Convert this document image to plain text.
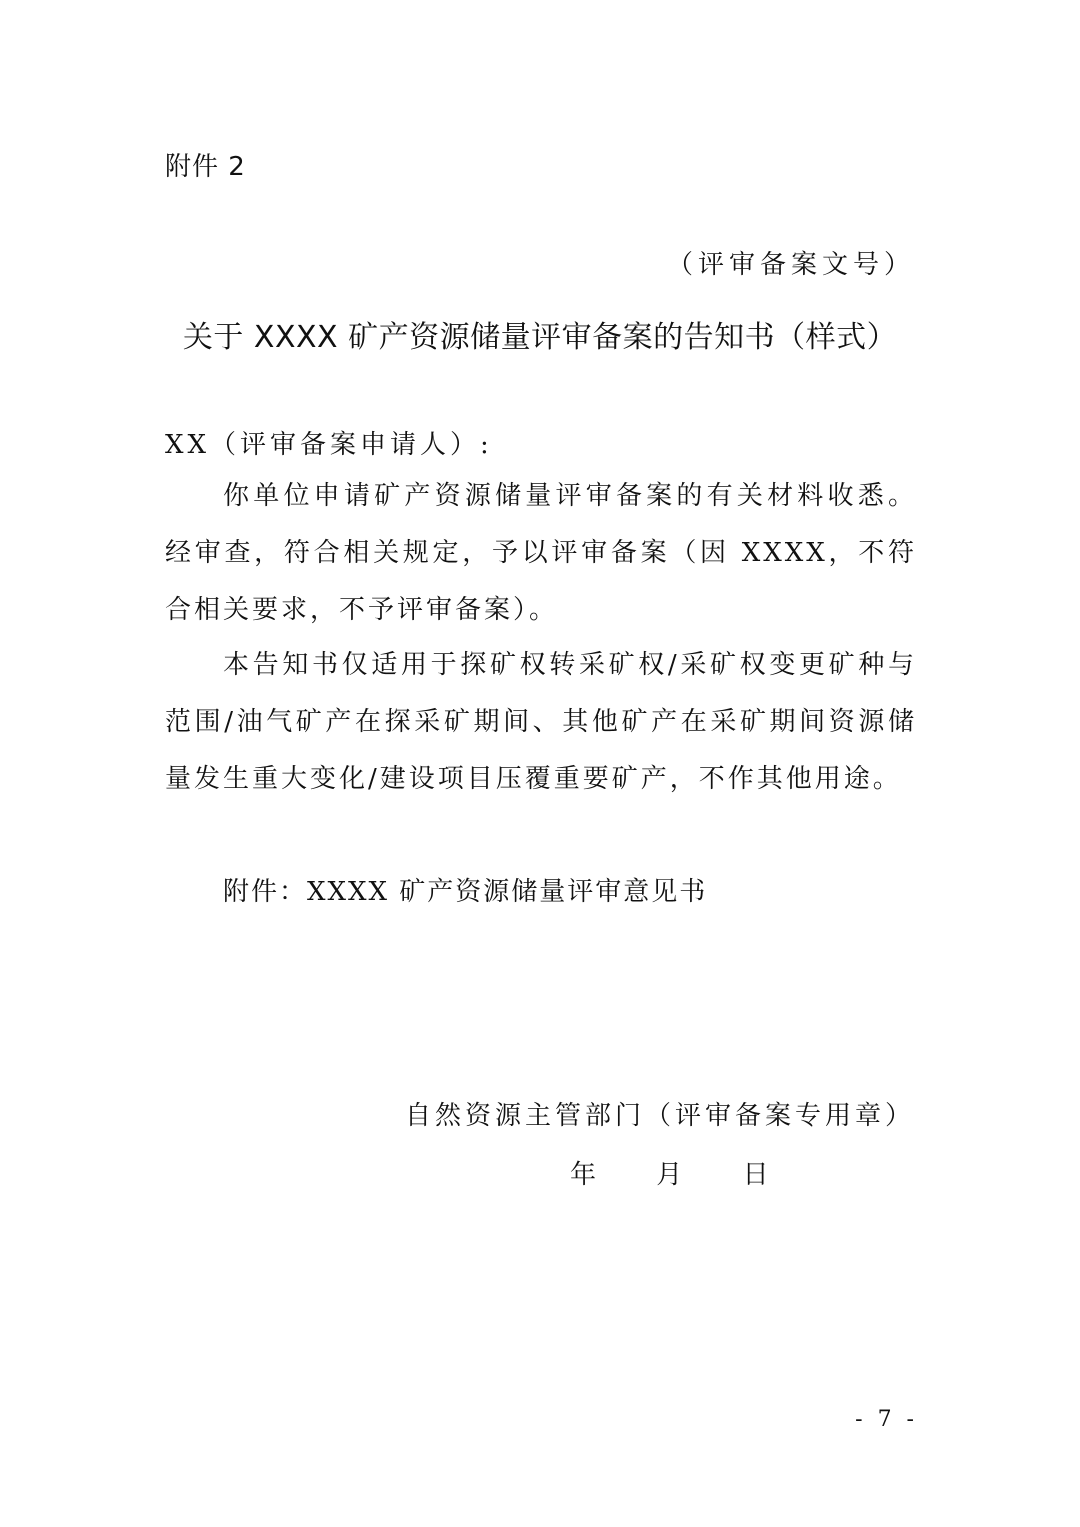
附件 2
（评审备案文号）
关于 XXXX 矿产资源储量评审备案的告知书（样式）
XX（评审备案申请人）:

你单位申请矿产资源储量评审备案的有关材料收悉。经审查，符合相关规定，予以评审备案（因 XXXX，不符合相关要求，不予评审备案）。

本告知书仅适用于探矿权转采矿权/采矿权变更矿种与范围/油气矿产在探采矿期间、其他矿产在采矿期间资源储量发生重大变化/建设项目压覆重要矿产，不作其他用途。

附件：XXXX 矿产资源储量评审意见书
自然资源主管部门（评审备案专用章）
年 月 日
- 7 -
